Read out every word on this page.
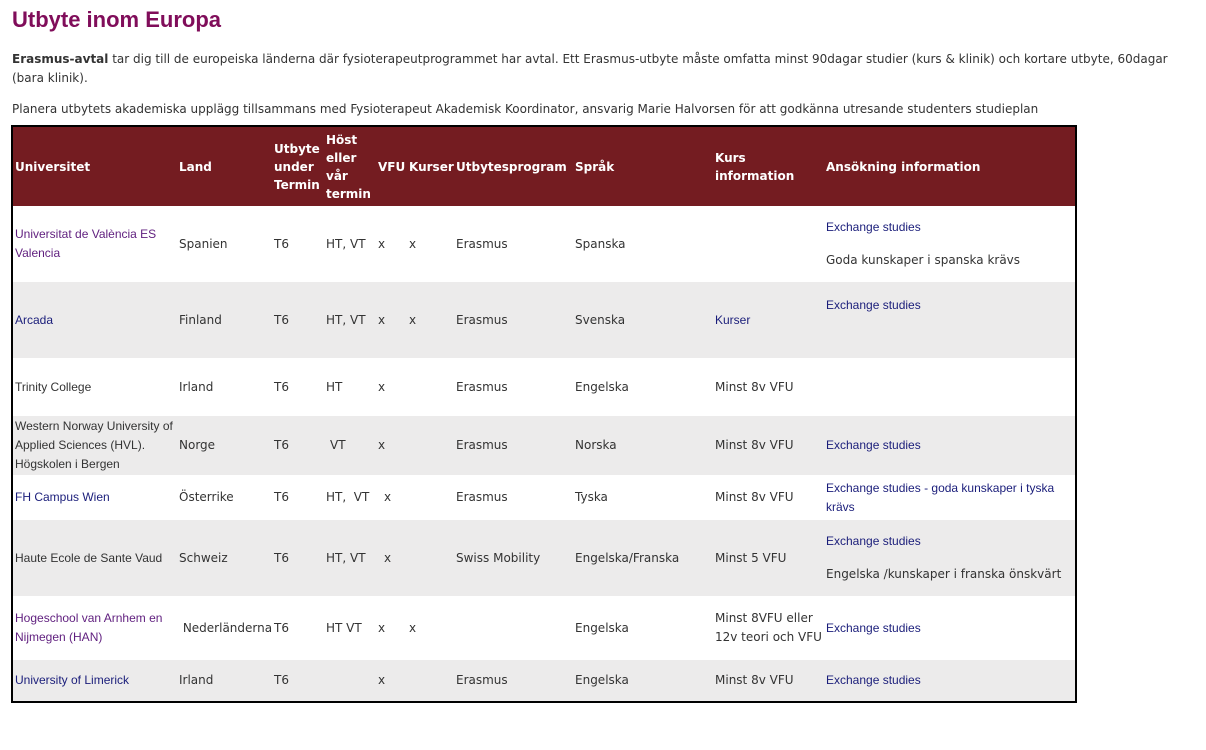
Utbyte inom Europa

Erasmus-avtal tar dig till de europeiska länderna där fysioterapeutprogrammet har avtal. Ett Erasmus-utbyte måste omfatta minst 90dagar studier (kurs & klinik) och kortare utbyte, 60dagar (bara klinik).

Planera utbytets akademiska upplägg tillsammans med Fysioterapeut Akademisk Koordinator, ansvarig Marie Halvorsen för att godkänna utresande studenters studieplan

Universitet	Land	Utbyte under Termin	Höst eller vår termin	VFU	Kurser	Utbytesprogram	Språk	Kurs information	Ansökning information
Universitat de València ES Valencia	Spanien	T6	HT, VT	x	x	Erasmus	Spanska		Exchange studies
Goda kunskaper i spanska krävs

Arcada	Finland	T6	HT, VT	x	x	Erasmus	Svenska	Kurser	Exchange studies
Trinity College	Irland	T6	HT	x		Erasmus	Engelska	Minst 8v VFU	
Western Norway University of Applied Sciences (HVL). Högskolen i Bergen	Norge	T6	VT	x		Erasmus	Norska	Minst 8v VFU	Exchange studies
FH Campus Wien	Österrike	T6	HT,  VT	x		Erasmus	Tyska	Minst 8v VFU	Exchange studies - goda kunskaper i tyska krävs
Haute Ecole de Sante Vaud	Schweiz	T6	HT, VT	x		Swiss Mobility	Engelska/Franska	Minst 5 VFU	Exchange studies
Engelska /kunskaper i franska önskvärt

Hogeschool van Arnhem en Nijmegen (HAN)	Nederländerna	T6	HT VT	x	x		Engelska	Minst 8VFU eller 12v teori och VFU	Exchange studies
University of Limerick	Irland	T6		x		Erasmus	Engelska	Minst 8v VFU	Exchange studies
